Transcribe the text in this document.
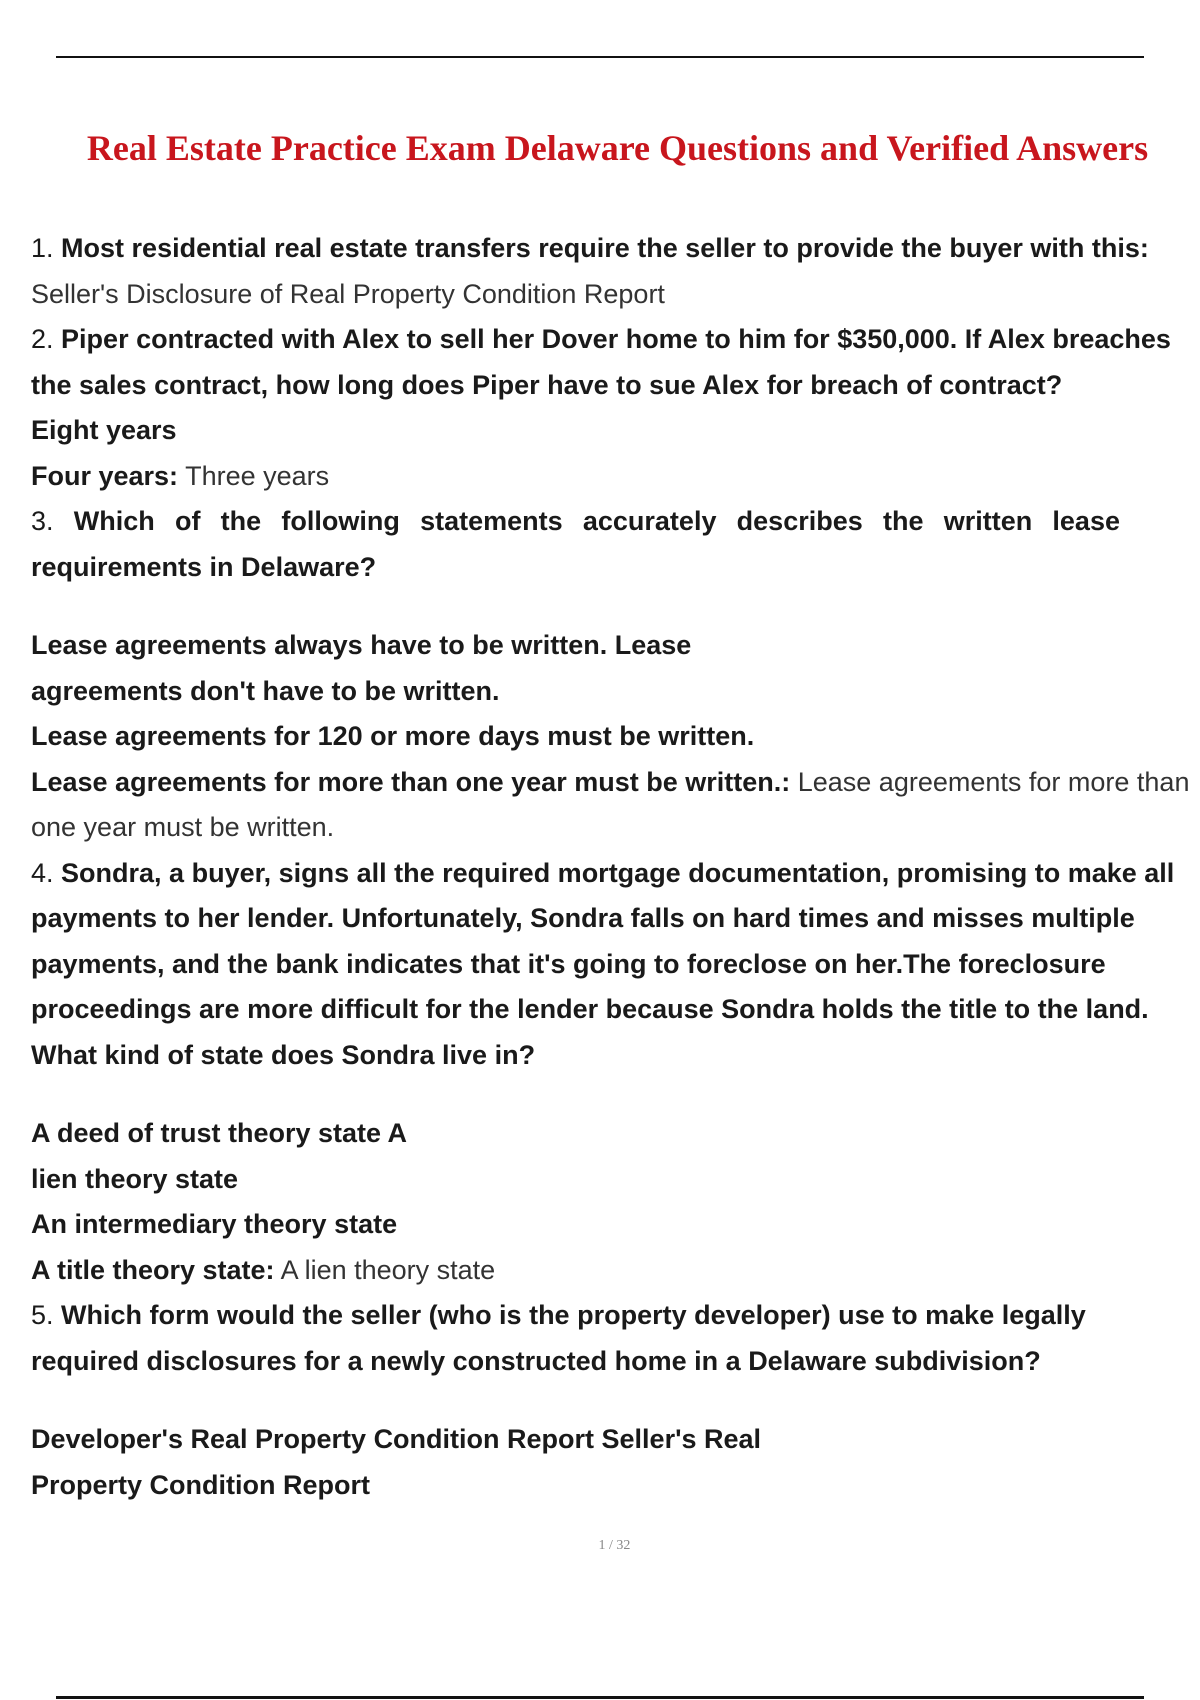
Real Estate Practice Exam Delaware Questions and Verified Answers

1. Most residential real estate transfers require the seller to provide the buyer with this:

Seller's Disclosure of Real Property Condition Report

2. Piper contracted with Alex to sell her Dover home to him for $350,000. If Alex breaches the sales contract, how long does Piper have to sue Alex for breach of contract?

Eight years

Four years: Three years

3. Which of the following statements accurately describes the written lease requirements in Delaware?

Lease agreements always have to be written. Lease

agreements don't have to be written.

Lease agreements for 120 or more days must be written.

Lease agreements for more than one year must be written.: Lease agreements for more than one year must be written.

4. Sondra, a buyer, signs all the required mortgage documentation, promising to make all payments to her lender. Unfortunately, Sondra falls on hard times and misses multiple payments, and the bank indicates that it's going to foreclose on her.The foreclosure proceedings are more difficult for the lender because Sondra holds the title to the land. What kind of state does Sondra live in?

A deed of trust theory state A

lien theory state

An intermediary theory state

A title theory state: A lien theory state

5. Which form would the seller (who is the property developer) use to make legally required disclosures for a newly constructed home in a Delaware subdivision?

Developer's Real Property Condition Report Seller's Real

Property Condition Report

1 / 32
